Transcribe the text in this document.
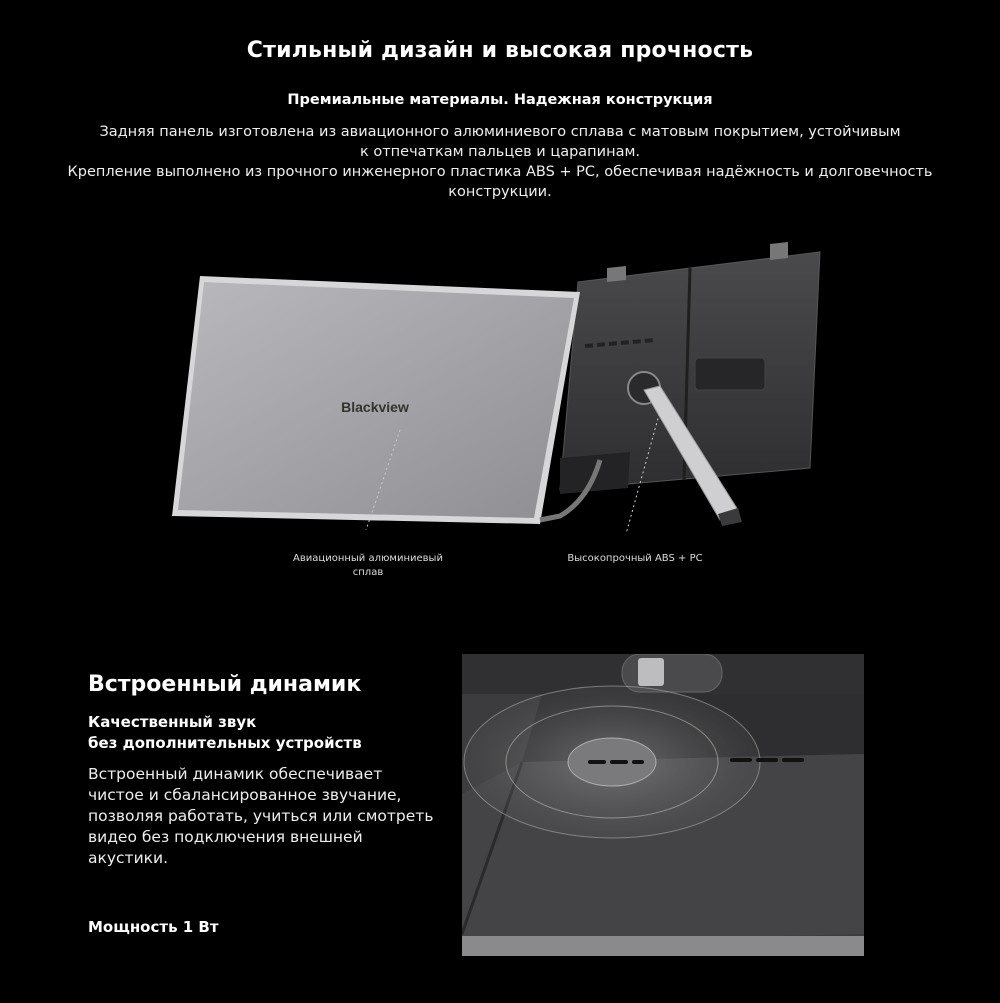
Стильный дизайн и высокая прочность
Премиальные материалы. Надежная конструкция
Задняя панель изготовлена из авиационного алюминиевого сплава с матовым покрытием, устойчивым
к отпечаткам пальцев и царапинам.
Крепление выполнено из прочного инженерного пластика ABS + PC, обеспечивая надёжность и долговечность
конструкции.
Blackview
Авиационный алюминиевый
сплав
Высокопрочный ABS + PC
Встроенный динамик
Качественный звук
без дополнительных устройств
Встроенный динамик обеспечивает
чистое и сбалансированное звучание,
позволяя работать, учиться или смотреть
видео без подключения внешней
акустики.
Мощность 1 Вт
